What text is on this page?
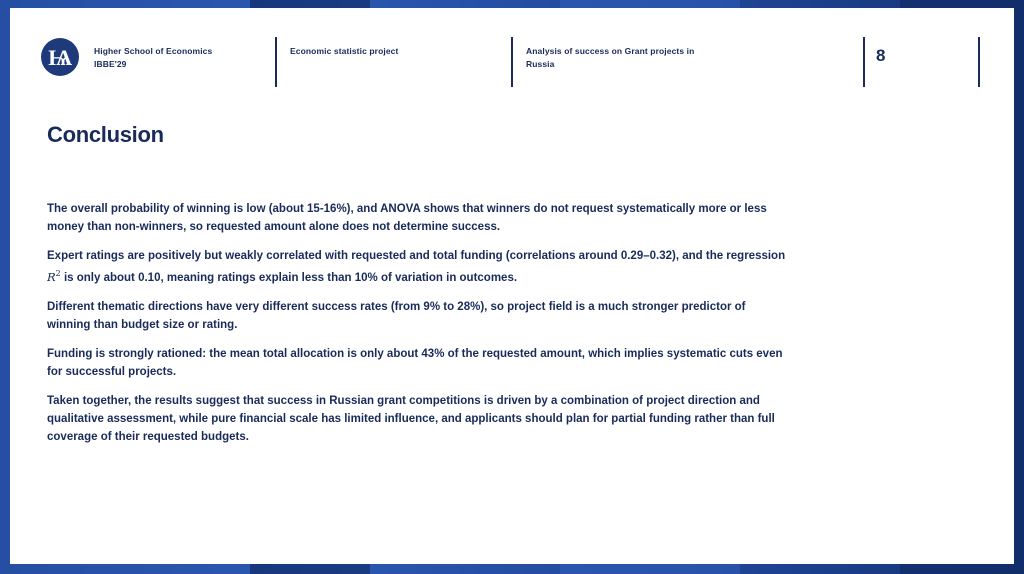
Ѩ	Higher School of Economics
IBBE'29
Economic statistic project	Analysis of success on Grant projects in
Russia	8
Conclusion

The overall probability of winning is low (about 15-16%), and ANOVA shows that winners do not request systematically more or less money than non-winners, so requested amount alone does not determine success.

Expert ratings are positively but weakly correlated with requested and total funding (correlations around 0.29–0.32), and the regression $R^2$ is only about 0.10, meaning ratings explain less than 10% of variation in outcomes.

Different thematic directions have very different success rates (from 9% to 28%), so project field is a much stronger predictor of winning than budget size or rating.

Funding is strongly rationed: the mean total allocation is only about 43% of the requested amount, which implies systematic cuts even for successful projects.

Taken together, the results suggest that success in Russian grant competitions is driven by a combination of project direction and qualitative assessment, while pure financial scale has limited influence, and applicants should plan for partial funding rather than full coverage of their requested budgets.
